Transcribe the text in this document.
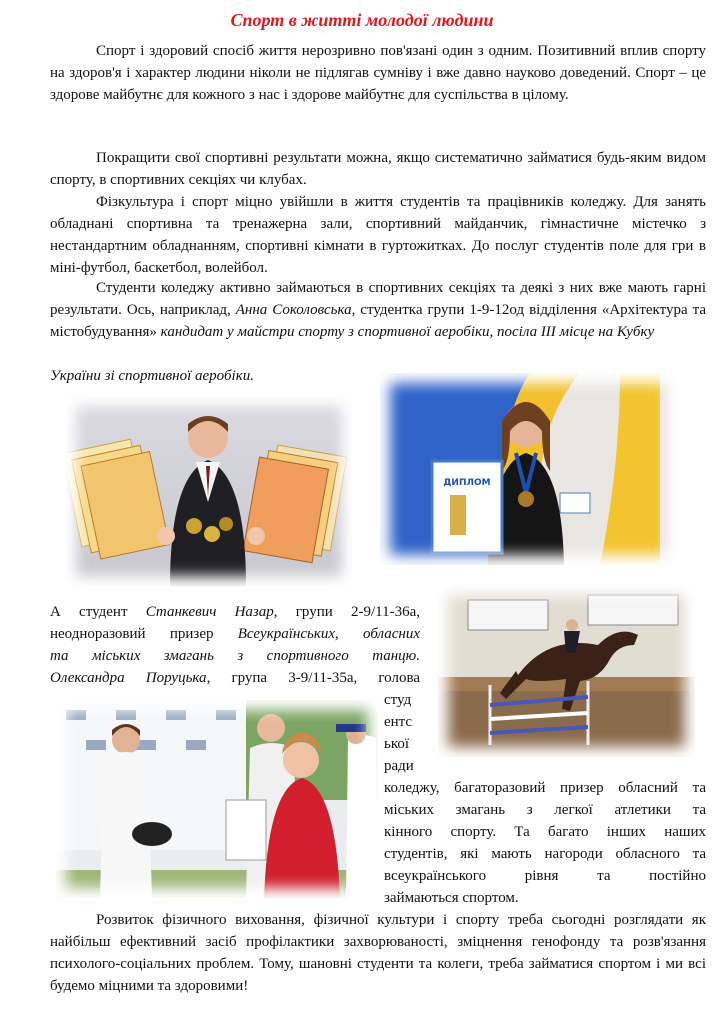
Спорт в житті молодої людини

Спорт і здоровий спосіб життя нерозривно пов'язані один з одним. Позитивний вплив спорту на здоров'я і характер людини ніколи не підлягав сумніву і вже давно науково доведений. Спорт – це здорове майбутнє для кожного з нас і здорове майбутнє для суспільства в цілому.

Покращити свої спортивні результати можна, якщо систематично займатися будь-яким видом спорту, в спортивних секціях чи клубах.

Фізкультура і спорт міцно увійшли в життя студентів та працівників коледжу. Для занять обладнані спортивна та тренажерна зали, спортивний майданчик, гімнастичне містечко з нестандартним обладнанням, спортивні кімнати в гуртожитках. До послуг студентів поле для гри в міні-футбол, баскетбол, волейбол.

Студенти коледжу активно займаються в спортивних секціях та деякі з них вже мають гарні результати. Ось, наприклад, Анна Соколовська, студентка групи 1-9-12од відділення «Архітектура та містобудування» кандидат у майстри спорту з спортивної аеробіки, посіла ІІІ місце на Кубку

України зі спортивної аеробіки.
ДИПЛОМ
А студент Станкевич Назар, групи 2-9/11-36а,
неодноразовий призер Всеукраїнських, обласних
та міських змагань з спортивного танцю.
Олександра Поруцька, група 3-9/11-35а, голова
студ
ентс
ької
ради
коледжу, багаторазовий призер обласний та
міських змагань з легкої атлетики та
кінного спорту. Та багато інших наших
студентів, які мають нагороди обласного та
всеукраїнського рівня та постійно
займаються спортом.

Розвиток фізичного виховання, фізичної культури і спорту треба сьогодні розглядати як найбільш ефективний засіб профілактики захворюваності, зміцнення генофонду та розв'язання психолого-соціальних проблем. Тому, шановні студенти та колеги, треба займатися спортом і ми всі будемо міцними та здоровими!
